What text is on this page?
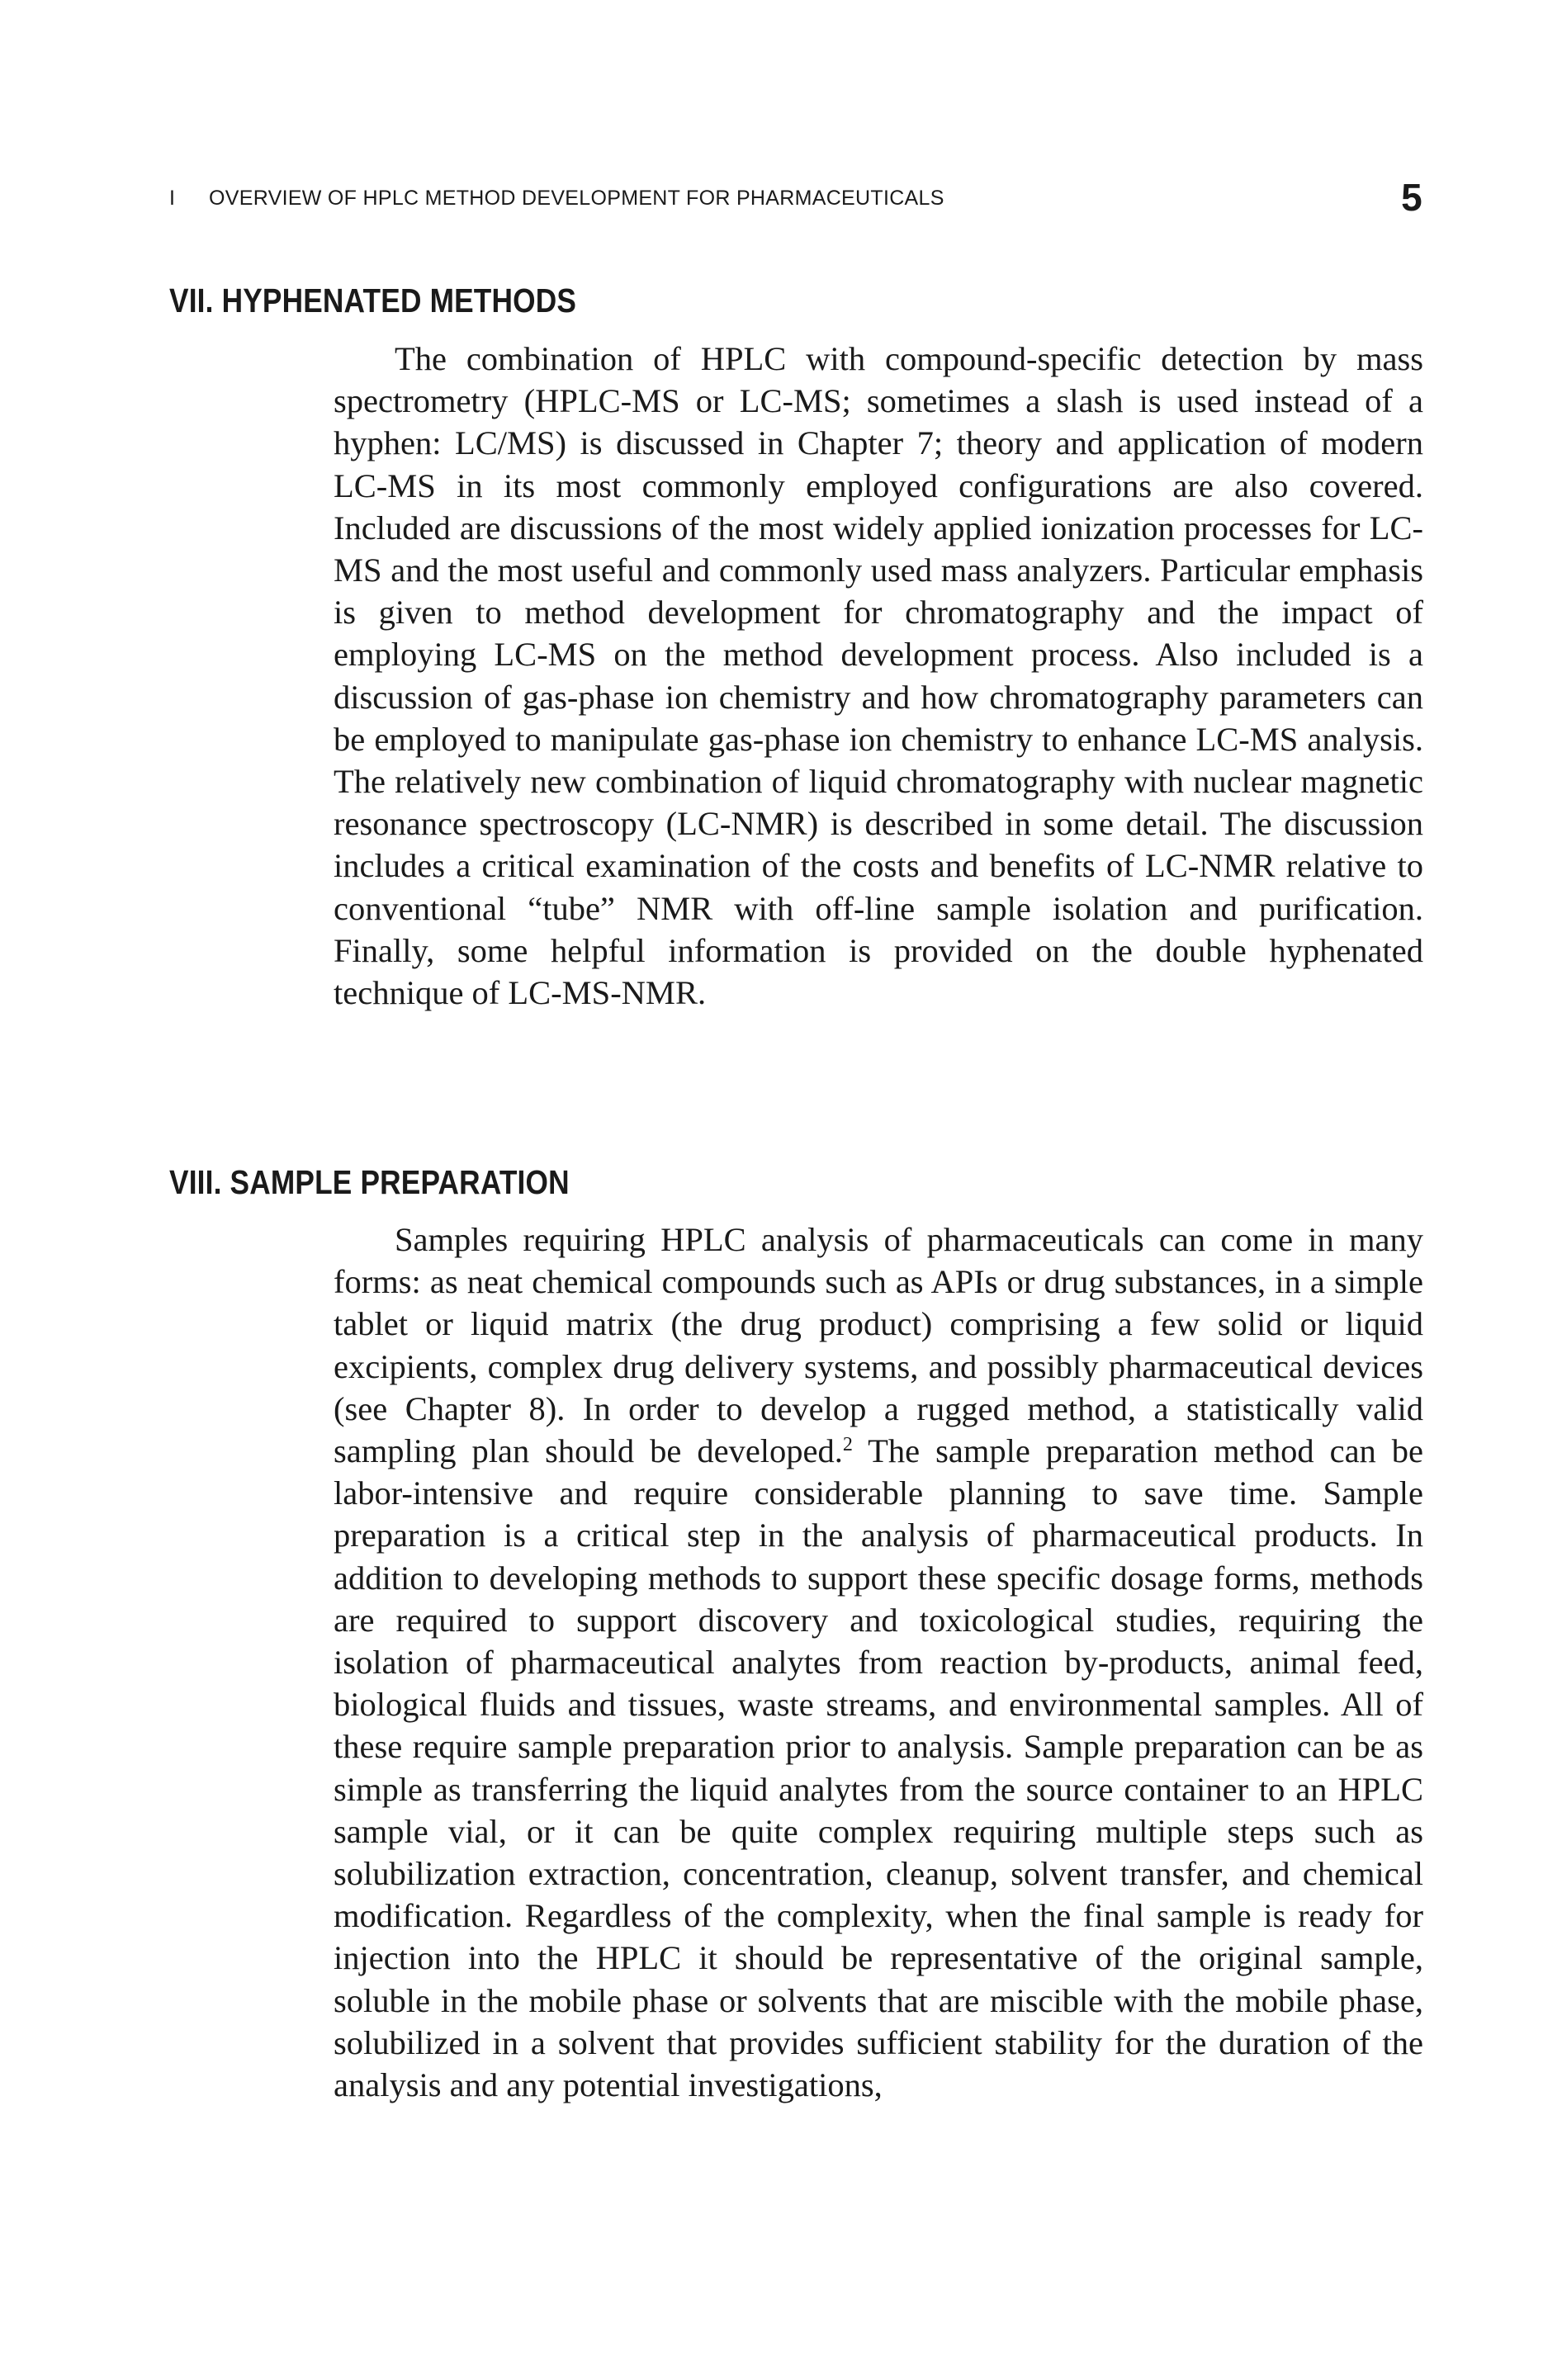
I OVERVIEW OF HPLC METHOD DEVELOPMENT FOR PHARMACEUTICALS	5
VII. HYPHENATED METHODS

The combination of HPLC with compound-specific detection by mass spectrometry (HPLC-MS or LC-MS; sometimes a slash is used instead of a hyphen: LC/MS) is discussed in Chapter 7; theory and application of modern LC-MS in its most commonly employed configurations are also covered. Included are discussions of the most widely applied ionization processes for LC-MS and the most useful and commonly used mass analyzers. Particular emphasis is given to method development for chromatography and the impact of employing LC-MS on the method development process. Also included is a discussion of gas-phase ion chemistry and how chromatography parameters can be employed to manipulate gas-phase ion chemistry to enhance LC-MS analysis. The relatively new combination of liquid chromatography with nuclear magnetic resonance spectroscopy (LC-NMR) is described in some detail. The discussion includes a critical examination of the costs and benefits of LC-NMR relative to conventional “tube” NMR with off-line sample isolation and purification. Finally, some helpful information is provided on the double hyphenated technique of LC-MS-NMR.

VIII. SAMPLE PREPARATION

Samples requiring HPLC analysis of pharmaceuticals can come in many forms: as neat chemical compounds such as APIs or drug substances, in a simple tablet or liquid matrix (the drug product) comprising a few solid or liquid excipients, complex drug delivery systems, and possibly pharmaceutical devices (see Chapter 8). In order to develop a rugged method, a statistically valid sampling plan should be developed.$^2$ The sample preparation method can be labor-intensive and require considerable planning to save time. Sample preparation is a critical step in the analysis of pharmaceutical products. In addition to developing methods to support these specific dosage forms, methods are required to support discovery and toxicological studies, requiring the isolation of pharmaceutical analytes from reaction by-products, animal feed, biological fluids and tissues, waste streams, and environmental samples. All of these require sample preparation prior to analysis. Sample preparation can be as simple as transferring the liquid analytes from the source container to an HPLC sample vial, or it can be quite complex requiring multiple steps such as solubilization extraction, concentration, cleanup, solvent transfer, and chemical modification. Regardless of the complexity, when the final sample is ready for injection into the HPLC it should be representative of the original sample, soluble in the mobile phase or solvents that are miscible with the mobile phase, solubilized in a solvent that provides sufficient stability for the duration of the analysis and any potential investigations,
